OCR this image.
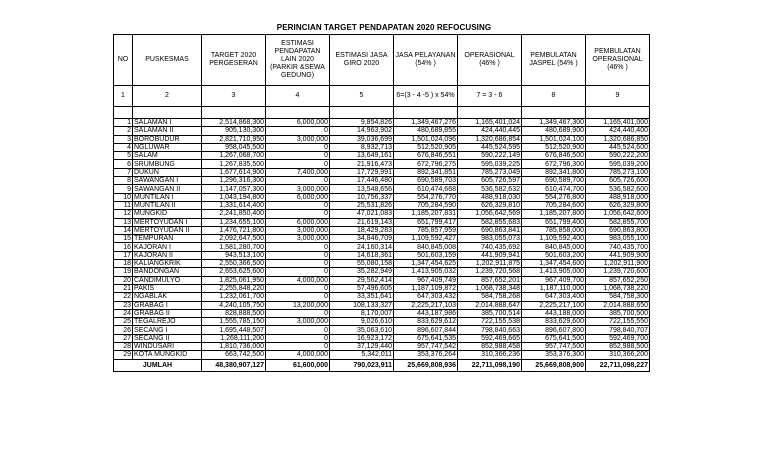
PERINCIAN TARGET PENDAPATAN 2020 REFOCUSING
NO	PUSKESMAS	TARGET 2020 PERGESERAN	ESTIMASI PENDAPATAN LAIN 2020 (PARKIR &SEWA GEDUNG)	ESTIMASI JASA GIRO 2020	JASA PELAYANAN (54% )	OPERASIONAL (46% )	PEMBULATAN JASPEL (54% )	PEMBULATAN OPERASIONAL (46% )
1	2	3	4	5	6=(3 - 4 -5 ) x 54%	7 = 3 - 6	8	9

1	SALAMAN I	2,514,868,300	6,000,000	9,854,826	1,349,467,276	1,165,401,024	1,349,467,300	1,165,401,000
2	SALAMAN II	905,130,300	0	14,963,902	480,689,855	424,440,445	480,689,900	424,440,400
3	BOROBUDUR	2,821,710,950	3,000,000	39,036,699	1,501,024,096	1,320,686,854	1,501,024,100	1,320,686,850
4	NGLUWAR	958,045,500	0	8,932,713	512,520,905	445,524,595	512,520,900	445,524,600
5	SALAM	1,267,068,700	0	13,649,161	676,846,551	590,222,149	676,846,500	590,222,200
6	SRUMBUNG	1,267,835,500	0	21,916,473	672,796,275	595,039,225	672,796,300	595,039,200
7	DUKUN	1,677,614,900	7,400,000	17,729,991	892,341,851	785,273,049	892,341,800	785,273,100
8	SAWANGAN I	1,296,316,300	0	17,446,480	690,589,703	605,726,597	690,589,700	605,726,600
9	SAWANGAN II	1,147,057,300	3,000,000	13,548,656	610,474,668	536,582,632	610,474,700	536,582,600
10	MUNTILAN I	1,043,194,800	6,000,000	10,756,337	554,276,770	488,918,030	554,276,800	488,918,000
11	MUNTILAN II	1,331,614,400	0	25,531,826	705,284,590	626,329,810	705,284,600	626,329,800
12	MUNGKID	2,241,850,400	0	47,021,083	1,185,207,831	1,056,642,569	1,185,207,800	1,056,642,600
13	MERTOYUDAN I	1,234,655,100	6,000,000	21,619,143	651,799,417	582,855,683	651,799,400	582,855,700
14	MERTOYUDAN II	1,476,721,800	3,000,000	18,429,283	785,857,959	690,863,841	785,858,000	690,863,800
15	TEMPURAN	2,092,647,500	3,000,000	34,846,709	1,109,592,427	983,055,073	1,109,592,400	983,055,100
16	KAJORAN I	1,581,280,700	0	24,160,314	840,845,008	740,435,692	840,845,000	740,435,700
17	KAJORAN II	943,513,100	0	14,618,361	501,603,159	441,909,941	501,603,200	441,909,900
18	KALIANGKRIK	2,550,366,500	0	55,080,158	1,347,454,625	1,202,911,875	1,347,454,600	1,202,911,900
19	BANDONGAN	2,653,625,600	0	35,282,949	1,413,905,032	1,239,720,568	1,413,905,000	1,239,720,600
20	CANDIMULYO	1,825,061,950	4,000,000	29,562,414	967,409,749	857,652,201	967,409,700	857,652,250
21	PAKIS	2,255,848,220	0	57,496,605	1,187,109,872	1,068,738,348	1,187,110,000	1,068,738,220
22	NGABLAK	1,232,061,700	0	33,351,641	647,303,432	584,758,268	647,303,400	584,758,300
23	GRABAG I	4,240,105,750	13,200,000	108,133,327	2,225,217,103	2,014,888,647	2,225,217,100	2,014,888,650
24	GRABAG II	828,888,500	0	8,170,007	443,187,986	385,700,514	443,188,000	385,700,500
25	TEGALREJO	1,555,785,150	3,000,000	9,026,610	833,629,612	722,155,538	833,629,600	722,155,550
26	SECANG I	1,695,448,507	0	35,063,610	896,607,844	798,840,663	896,607,800	798,840,707
27	SECANG II	1,268,111,200	0	16,923,172	675,641,535	592,469,665	675,641,500	592,469,700
28	WINDUSARI	1,810,736,000	0	37,129,440	957,747,542	852,988,458	957,747,500	852,988,500
29	KOTA MUNGKID	663,742,500	4,000,000	5,342,011	353,376,264	310,366,236	353,376,300	310,366,200
JUMLAH		48,380,907,127	61,600,000	790,023,911	25,669,808,936	22,711,098,190	25,669,808,900	22,711,098,227
